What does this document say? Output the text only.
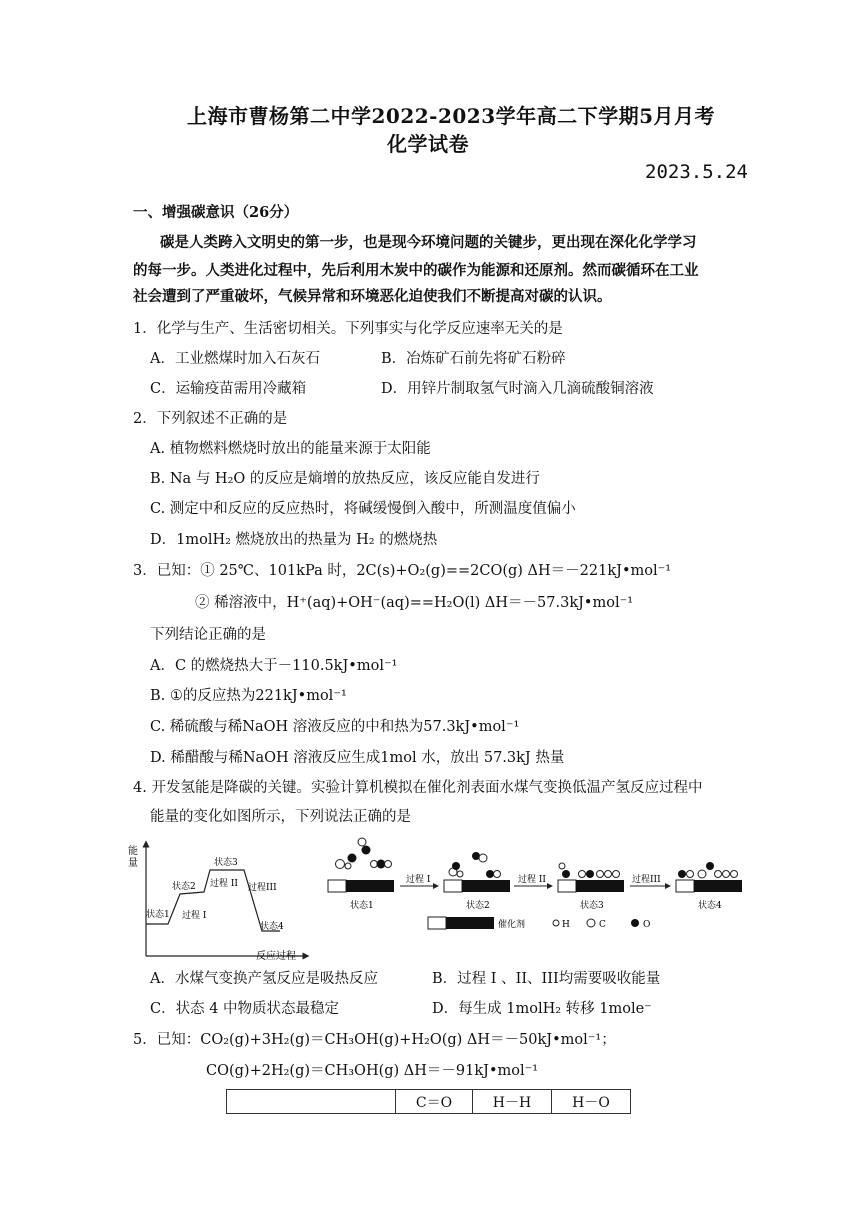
上海市曹杨第二中学2022-2023学年高二下学期5月月考
化学试卷
2023.5.24
一、增强碳意识（26分）
碳是人类跨入文明史的第一步，也是现今环境问题的关键步，更出现在深化化学学习
的每一步。人类进化过程中，先后利用木炭中的碳作为能源和还原剂。然而碳循环在工业
社会遭到了严重破坏，气候异常和环境恶化迫使我们不断提高对碳的认识。
1．化学与生产、生活密切相关。下列事实与化学反应速率无关的是
A．工业燃煤时加入石灰石	B．冶炼矿石前先将矿石粉碎
C．运输疫苗需用冷藏箱	D．用锌片制取氢气时滴入几滴硫酸铜溶液
2．下列叙述不正确的是
A. 植物燃料燃烧时放出的能量来源于太阳能
B. Na 与 H₂O 的反应是熵增的放热反应，该反应能自发进行
C. 测定中和反应的反应热时，将碱缓慢倒入酸中，所测温度值偏小
D．1molH₂ 燃烧放出的热量为 H₂ 的燃烧热
3．已知：① 25℃、101kPa 时，2C(s)+O₂(g)==2CO(g) ΔH＝－221kJ•mol⁻¹
② 稀溶液中，H⁺(aq)+OH⁻(aq)==H₂O(l) ΔH＝－57.3kJ•mol⁻¹
下列结论正确的是
A．C 的燃烧热大于－110.5kJ•mol⁻¹
B. ①的反应热为221kJ•mol⁻¹
C. 稀硫酸与稀NaOH 溶液反应的中和热为57.3kJ•mol⁻¹
D. 稀醋酸与稀NaOH 溶液反应生成1mol 水，放出 57.3kJ 热量
4. 开发氢能是降碳的关键。实验计算机模拟在催化剂表面水煤气变换低温产氢反应过程中
能量的变化如图所示，下列说法正确的是
能
量
反应过程
状态1
状态2
状态3
状态4
过程 I
过程 II 过程III
过程 I	过程 II	过程III
状态1	状态2	状态3	状态4
催化剂	H	C	O
A．水煤气变换产氢反应是吸热反应	B．过程 I 、II、III均需要吸收能量
C．状态 4 中物质状态最稳定	D．每生成 1molH₂ 转移 1mole⁻
5．已知：CO₂(g)+3H₂(g)＝CH₃OH(g)+H₂O(g) ΔH＝－50kJ•mol⁻¹；
CO(g)+2H₂(g)＝CH₃OH(g) ΔH＝－91kJ•mol⁻¹
	C＝O	H－H	H－O
